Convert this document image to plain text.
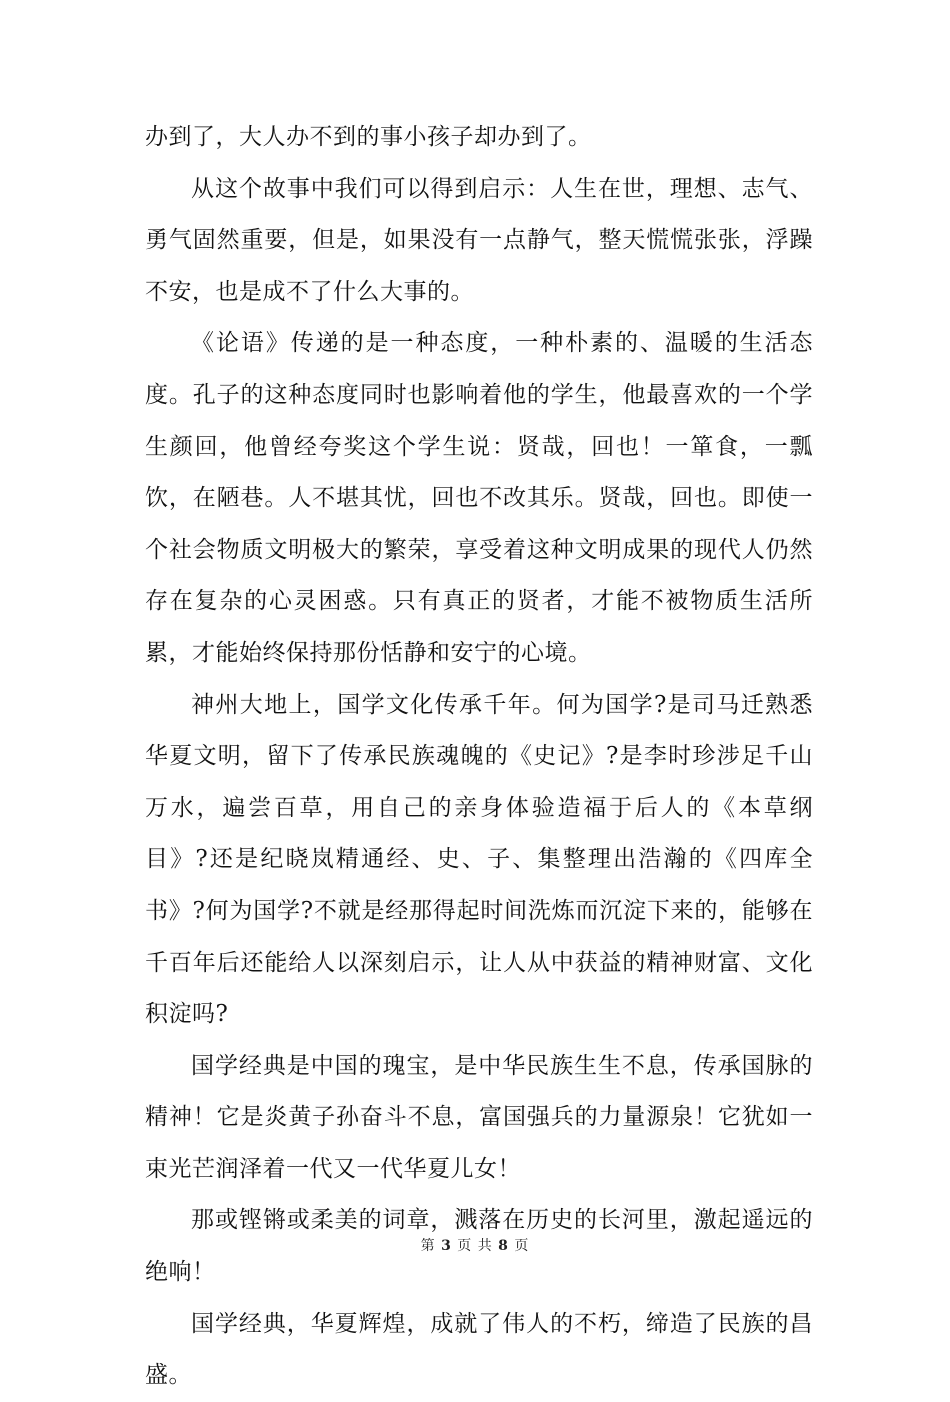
办到了，大人办不到的事小孩子却办到了。

从这个故事中我们可以得到启示：人生在世，理想、志气、勇气固然重要，但是，如果没有一点静气，整天慌慌张张，浮躁不安，也是成不了什么大事的。

《论语》传递的是一种态度，一种朴素的、温暖的生活态度。孔子的这种态度同时也影响着他的学生，他最喜欢的一个学生颜回，他曾经夸奖这个学生说：贤哉，回也！一箪食，一瓢饮，在陋巷。人不堪其忧，回也不改其乐。贤哉，回也。即使一个社会物质文明极大的繁荣，享受着这种文明成果的现代人仍然存在复杂的心灵困惑。只有真正的贤者，才能不被物质生活所累，才能始终保持那份恬静和安宁的心境。

神州大地上，国学文化传承千年。何为国学?是司马迁熟悉华夏文明，留下了传承民族魂魄的《史记》?是李时珍涉足千山万水，遍尝百草，用自己的亲身体验造福于后人的《本草纲目》?还是纪晓岚精通经、史、子、集整理出浩瀚的《四库全书》?何为国学?不就是经那得起时间洗炼而沉淀下来的，能够在千百年后还能给人以深刻启示，让人从中获益的精神财富、文化积淀吗?

国学经典是中国的瑰宝，是中华民族生生不息，传承国脉的精神！它是炎黄子孙奋斗不息，富国强兵的力量源泉！它犹如一束光芒润泽着一代又一代华夏儿女！

那或铿锵或柔美的词章，溅落在历史的长河里，激起遥远的绝响！

国学经典，华夏辉煌，成就了伟人的不朽，缔造了民族的昌盛。

第 3 页 共 8 页
